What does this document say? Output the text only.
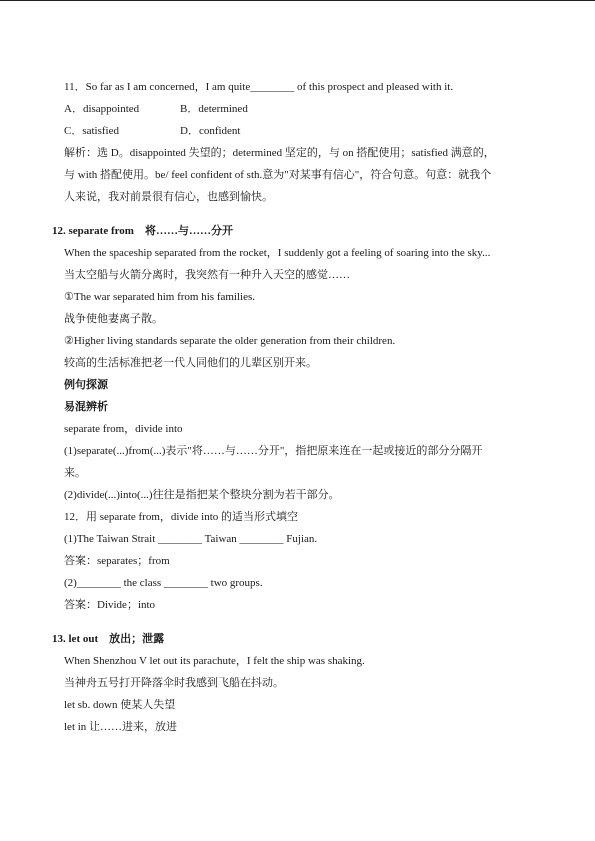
11．So far as I am concerned，I am quite________ of this prospect and pleased with it.
A．disappointed	B．determined
C．satisfied	D．confident
解析：选 D。disappointed 失望的；determined 坚定的，与 on 搭配使用；satisfied 满意的，
与 with 搭配使用。be/ feel confident of sth.意为"对某事有信心"，符合句意。句意：就我个
人来说，我对前景很有信心，也感到愉快。
12. separate from　将……与……分开
When the spaceship separated from the rocket，I suddenly got a feeling of soaring into the sky...
当太空船与火箭分离时，我突然有一种升入天空的感觉……
①The war separated him from his families.
战争使他妻离子散。
②Higher living standards separate the older generation from their children.
较高的生活标准把老一代人同他们的儿辈区别开来。
例句探源
易混辨析
separate from，divide into
(1)separate(...)from(...)表示"将……与……分开"，指把原来连在一起或接近的部分分隔开
来。
(2)divide(...)into(...)往往是指把某个整块分割为若干部分。
12．用 separate from，divide into 的适当形式填空
(1)The Taiwan Strait ________ Taiwan ________ Fujian.
答案：separates；from
(2)________ the class ________ two groups.
答案：Divide；into
13. let out　放出；泄露
When Shenzhou V let out its parachute，I felt the ship was shaking.
当神舟五号打开降落伞时我感到飞船在抖动。
let sb. down 使某人失望
let in 让……进来，放进
